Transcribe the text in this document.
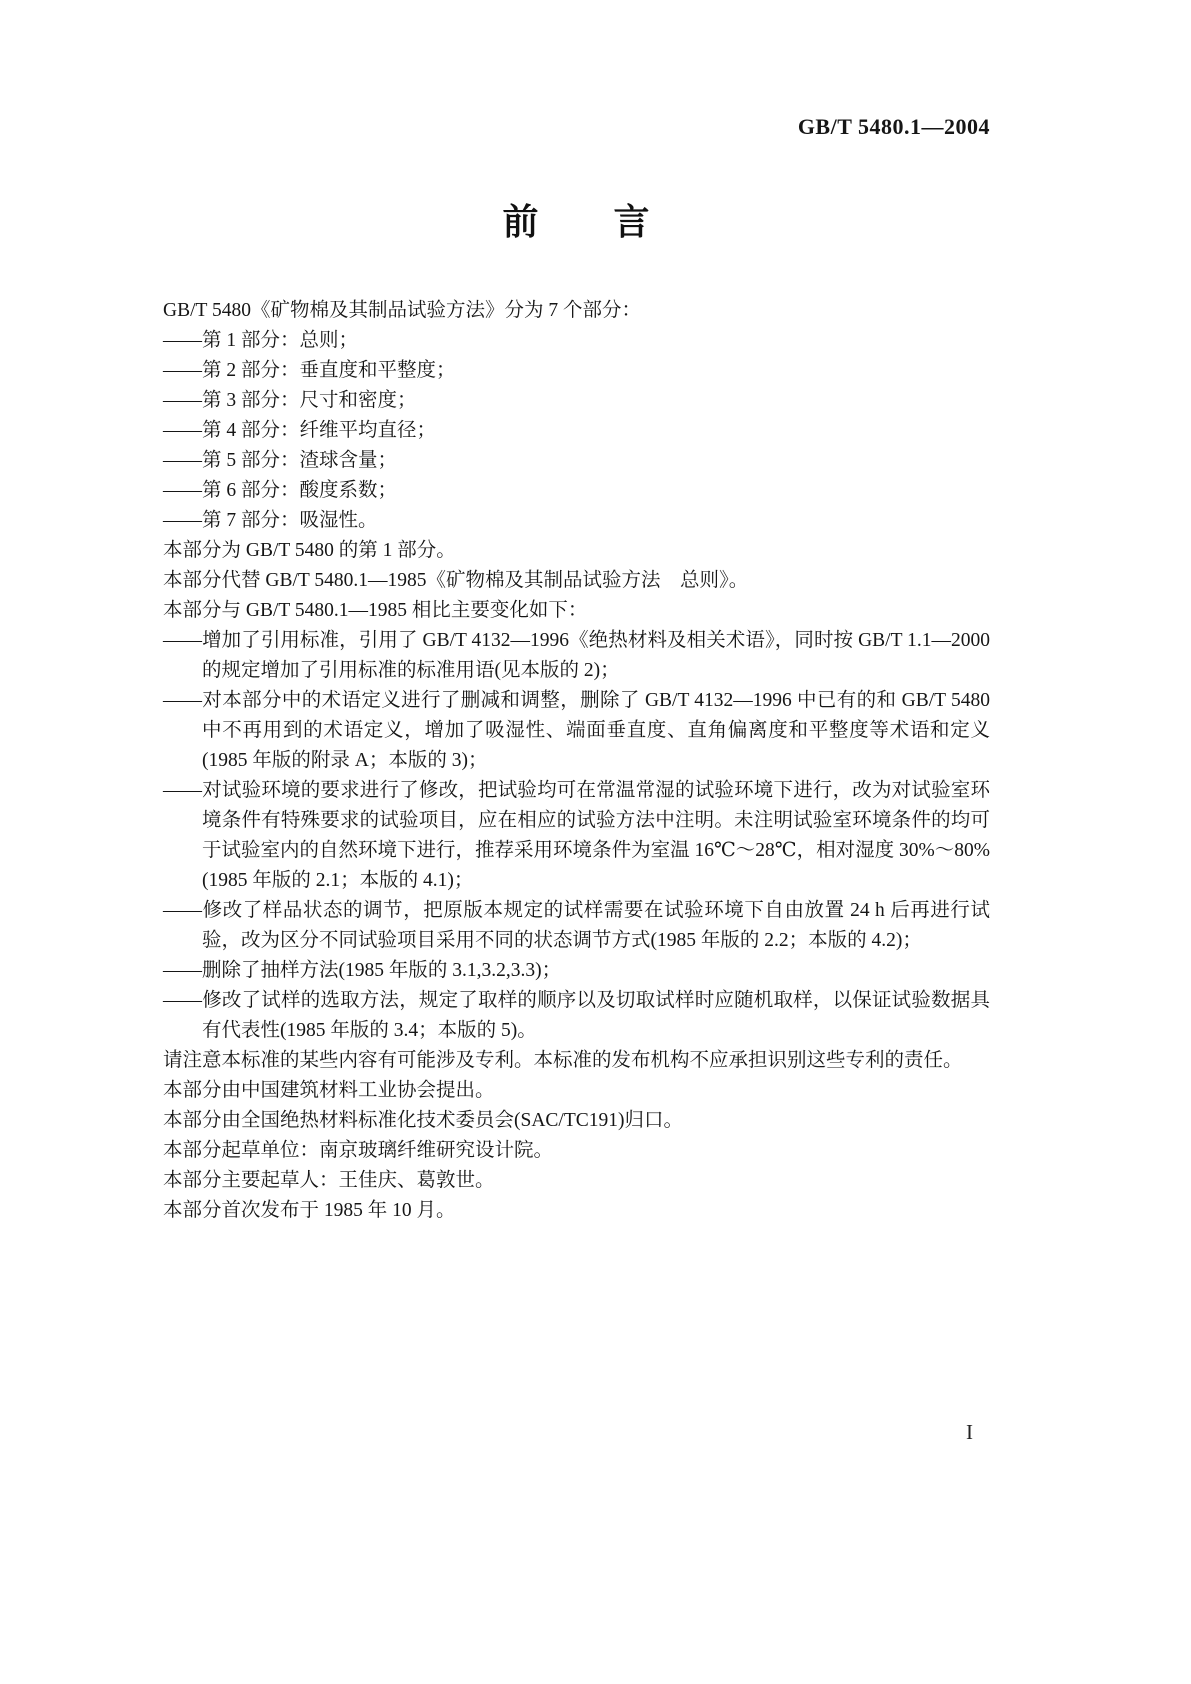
GB/T 5480.1—2004
前　　言

GB/T 5480《矿物棉及其制品试验方法》分为 7 个部分：

——第 1 部分：总则；

——第 2 部分：垂直度和平整度；

——第 3 部分：尺寸和密度；

——第 4 部分：纤维平均直径；

——第 5 部分：渣球含量；

——第 6 部分：酸度系数；

——第 7 部分：吸湿性。

本部分为 GB/T 5480 的第 1 部分。

本部分代替 GB/T 5480.1—1985《矿物棉及其制品试验方法　总则》。

本部分与 GB/T 5480.1—1985 相比主要变化如下：

——增加了引用标准，引用了 GB/T 4132—1996《绝热材料及相关术语》，同时按 GB/T 1.1—2000 的规定增加了引用标准的标准用语(见本版的 2)；

——对本部分中的术语定义进行了删减和调整，删除了 GB/T 4132—1996 中已有的和 GB/T 5480 中不再用到的术语定义，增加了吸湿性、端面垂直度、直角偏离度和平整度等术语和定义(1985 年版的附录 A；本版的 3)；

——对试验环境的要求进行了修改，把试验均可在常温常湿的试验环境下进行，改为对试验室环境条件有特殊要求的试验项目，应在相应的试验方法中注明。未注明试验室环境条件的均可于试验室内的自然环境下进行，推荐采用环境条件为室温 16℃～28℃，相对湿度 30%～80%(1985 年版的 2.1；本版的 4.1)；

——修改了样品状态的调节，把原版本规定的试样需要在试验环境下自由放置 24 h 后再进行试验，改为区分不同试验项目采用不同的状态调节方式(1985 年版的 2.2；本版的 4.2)；

——删除了抽样方法(1985 年版的 3.1,3.2,3.3)；

——修改了试样的选取方法，规定了取样的顺序以及切取试样时应随机取样，以保证试验数据具有代表性(1985 年版的 3.4；本版的 5)。

请注意本标准的某些内容有可能涉及专利。本标准的发布机构不应承担识别这些专利的责任。

本部分由中国建筑材料工业协会提出。

本部分由全国绝热材料标准化技术委员会(SAC/TC191)归口。

本部分起草单位：南京玻璃纤维研究设计院。

本部分主要起草人：王佳庆、葛敦世。

本部分首次发布于 1985 年 10 月。

I
